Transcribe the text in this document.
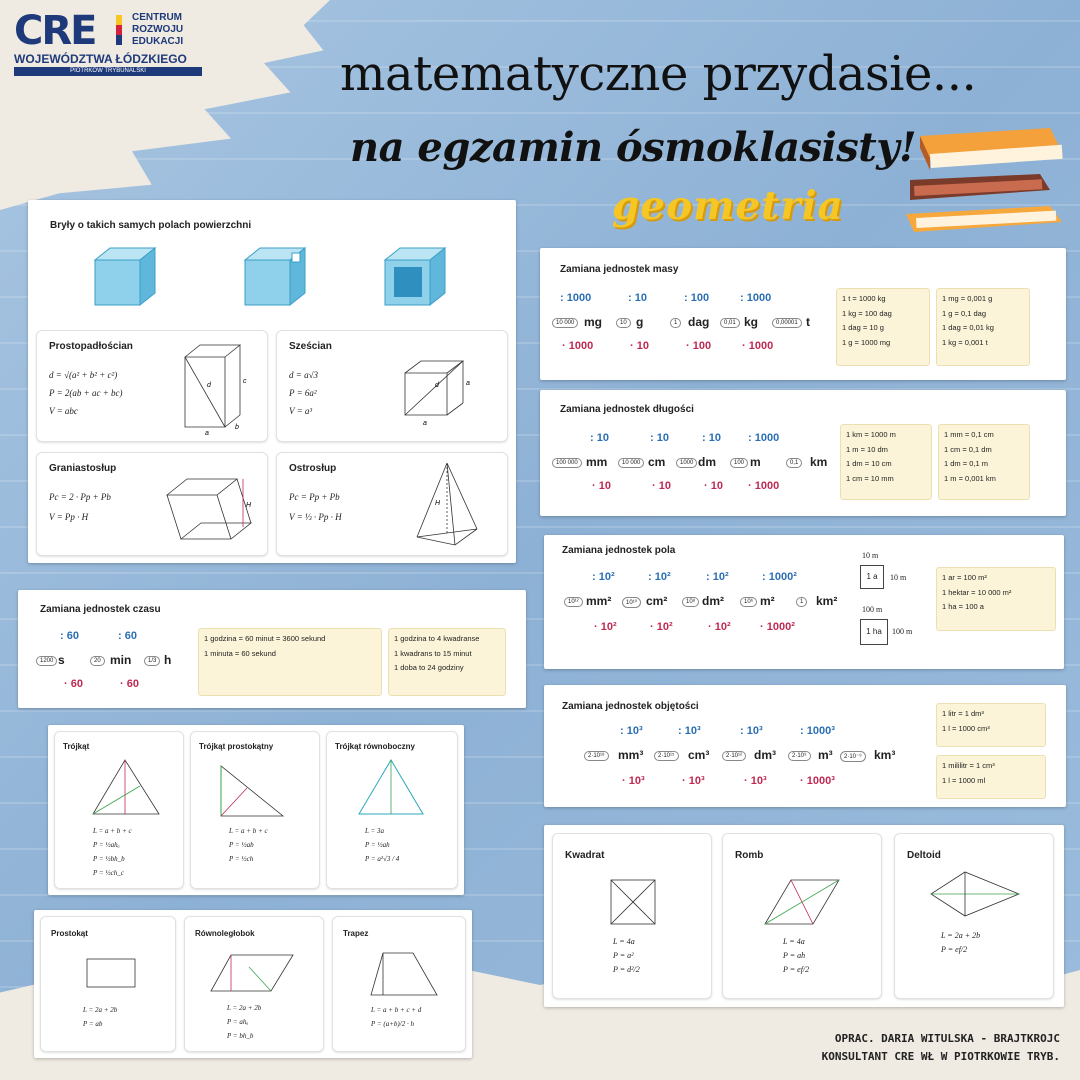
CRE	CENTRUM
ROZWOJU
EDUKACJI
WOJEWÓDZTWA ŁÓDZKIEGO
PIOTRKÓW TRYBUNALSKI	matematyczne przydasie...
na egzamin ósmoklasisty!
geometria
Bryły o takich samych polach powierzchni
Prostopadłościan
d = √(a² + b² + c²)
P = 2(ab + ac + bc)
V = abc
a
b
c
d
Sześcian
d = a√3
P = 6a²
V = a³
a
a
d
Graniastosłup
Pc = 2 · Pp + Pb
V = Pp · H
H
Ostrosłup
Pc = Pp + Pb
V = ⅓ · Pp · H
H
Zamiana jednostek czasu
: 60	: 60
1200 s	20 min	1/3 h
· 60	· 60
1 godzina = 60 minut = 3600 sekund
1 minuta = 60 sekund
1 godzina to 4 kwadranse
1 kwadrans to 15 minut
1 doba to 24 godziny
Trójkąt
L = a + b + c
P = ½ahₐ
P = ½bh_b
P = ½ch_c
Trójkąt prostokątny
L = a + b + c
P = ½ab
P = ½ch
Trójkąt równoboczny
L = 3a
P = ½ah
P = a²√3 / 4
Prostokąt
L = 2a + 2b
P = ab
Równoległobok
L = 2a + 2b
P = ahₐ
P = bh_b
Trapez
L = a + b + c + d
P = (a+b)/2 · h
Zamiana jednostek masy
: 1000	: 10	: 100	: 1000
10 000 mg	10 g	1 dag	0,01 kg	0,00001 t
· 1000	· 10	· 100	· 1000
1 t = 1000 kg
1 kg = 100 dag
1 dag = 10 g
1 g = 1000 mg
1 mg = 0,001 g
1 g = 0,1 dag
1 dag = 0,01 kg
1 kg = 0,001 t
Zamiana jednostek długości
: 10	: 10	: 10 : 1000
100 000 mm	10 000 cm	1000 dm	100 m	0,1 km
· 10	· 10	· 10 · 1000
1 km = 1000 m
1 m = 10 dm
1 dm = 10 cm
1 cm = 10 mm
1 mm = 0,1 cm
1 cm = 0,1 dm
1 dm = 0,1 m
1 m = 0,001 km
Zamiana jednostek pola
: 10²	: 10²	: 10²	: 1000²
10¹² mm²	10¹⁰ cm²	10⁸ dm²	10⁶ m²	1	km²
· 10²	· 10²	· 10²	· 1000²
10 m
1 a	10 m
100 m
1 ha	100 m
1 ar = 100 m²
1 hektar = 10 000 m²
1 ha = 100 a
Zamiana jednostek objętości
: 10³	: 10³	: 10³	: 1000³
2·10¹⁸	mm³	2·10¹⁵	cm³	2·10¹² dm³	2·10⁹ m³	2·10⁻⁹	km³
· 10³	· 10³	· 10³	· 1000³
1 litr = 1 dm³
1 l = 1000 cm³
1 mililitr = 1 cm³
1 l = 1000 ml
Kwadrat
L = 4a
P = a²
P = d²/2
Romb
L = 4a
P = ah
P = ef/2
Deltoid
L = 2a + 2b
P = ef/2
OPRAC. DARIA WITULSKA - BRAJTKROJC
KONSULTANT CRE WŁ W PIOTRKOWIE TRYB.
